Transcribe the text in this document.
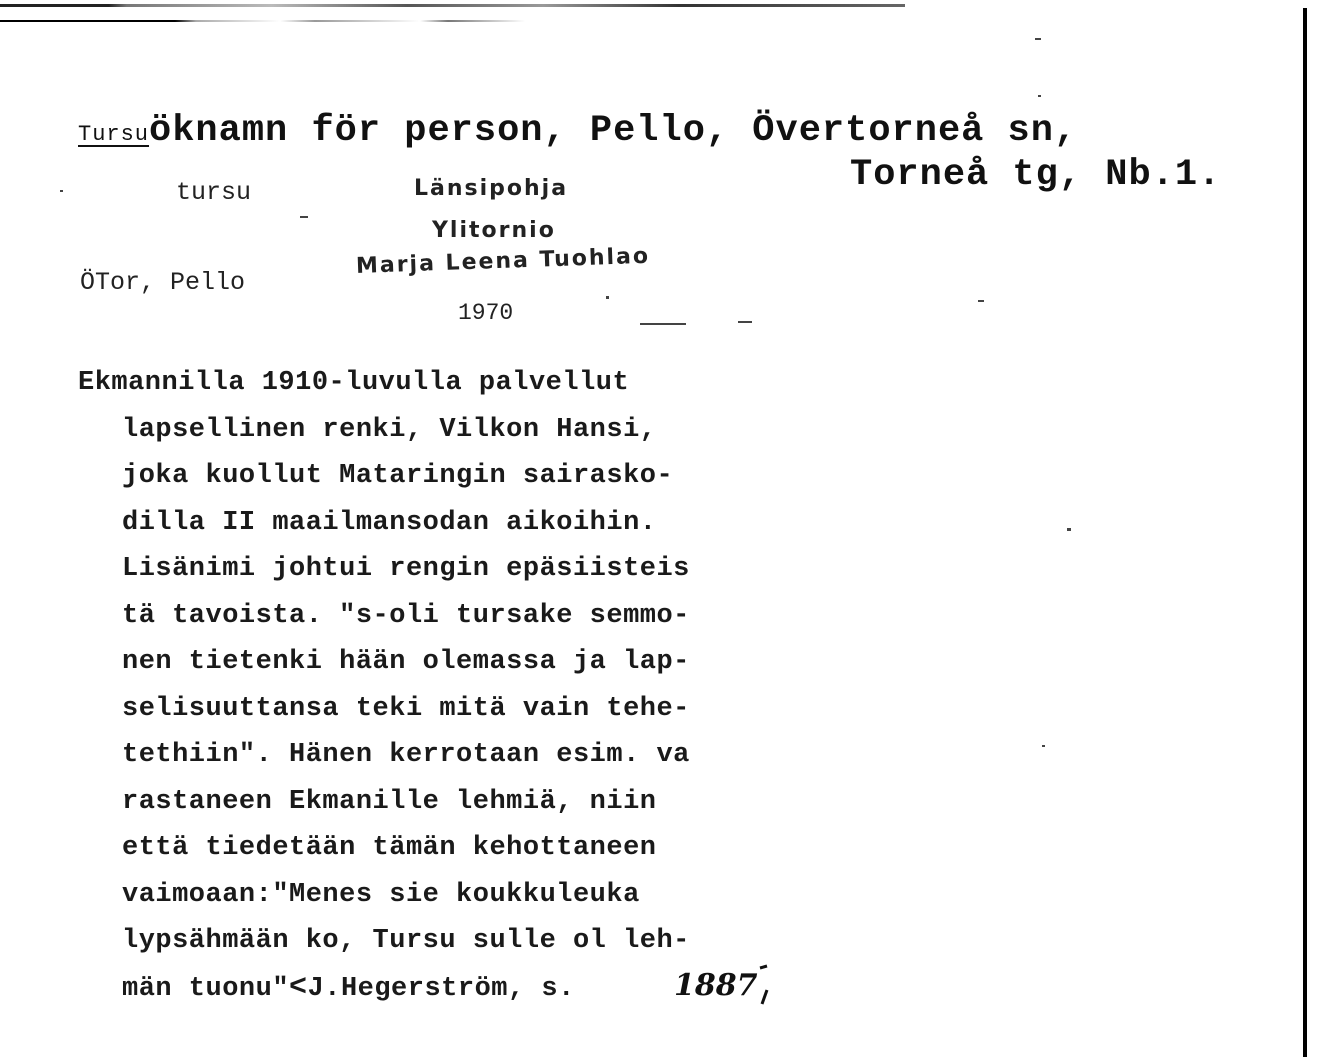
Tursuöknamn för person, Pello, Övertorneå sn,
Torneå tg, Nb.1.
tursu
ÖTor, Pello
Länsipohja
Ylitornio
Marja Leena Tuohlao
1970
Ekmannilla 1910-luvulla palvellut
lapsellinen renki, Vilkon Hansi,
joka kuollut Mataringin sairasko-
dilla II maailmansodan aikoihin.
Lisänimi johtui rengin epäsiisteis
tä tavoista. "s-oli tursake semmo-
nen tietenki hään olemassa ja lap-
selisuuttansa teki mitä vain tehe-
tethiin". Hänen kerrotaan esim. va
rastaneen Ekmanille lehmiä, niin
että tiedetään tämän kehottaneen
vaimoaan:"Menes sie koukkuleuka
lypsähmään ko, Tursu sulle ol leh-
män tuonu"<J.Hegerström, s.	1887
